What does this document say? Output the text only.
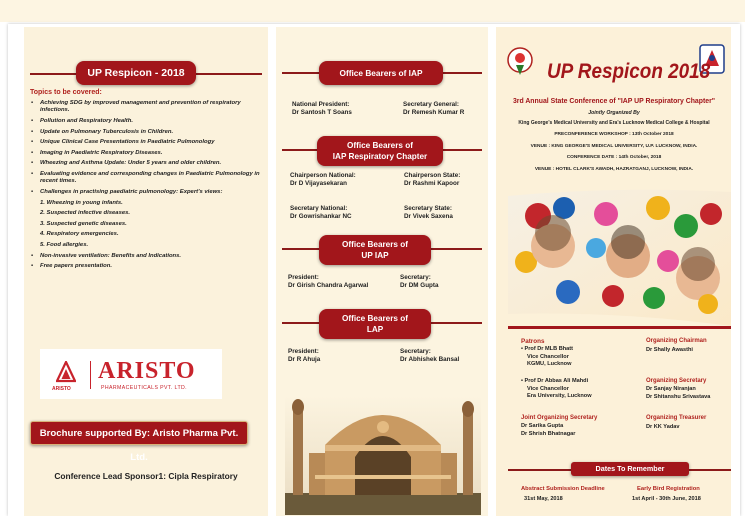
UP Respicon - 2018
Topics to be covered:
• Achieving SDG by improved management and prevention of respiratory infections.
• Pollution and Respiratory Health.
• Update on Pulmonary Tuberculosis in Children.
• Unique Clinical Case Presentations in Paediatric Pulmonology
• Imaging in Paediatric Respiratory Diseases.
• Wheezing and Asthma Update: Under 5 years and older children.
• Evaluating evidence and corresponding changes in Paediatric Pulmonology in recent times.
• Challenges in practising paediatric pulmonology: Expert's views:
1. Wheezing in young infants.
2. Suspected infective diseases.
3. Suspected genetic diseases.
4. Respiratory emergencies.
5. Food allergies.
• Non-invasive ventilation: Benefits and Indications.
• Free papers presentation.
ARISTO
ARISTO
PHARMACEUTICALS PVT. LTD.
Brochure supported By: Aristo Pharma Pvt. Ltd.
Conference Lead Sponsor1: Cipla Respiratory
Office Bearers of IAP
National President:
Dr Santosh T Soans
Secretary General:
Dr Remesh Kumar R
Office Bearers of
IAP Respiratory Chapter
Chairperson National:
Dr D Vijayasekaran
Chairperson State:
Dr Rashmi Kapoor
Secretary National:
Dr Gowrishankar NC
Secretary State:
Dr Vivek Saxena
Office Bearers of
UP IAP
President:
Dr Girish Chandra Agarwal
Secretary:
Dr DM Gupta
Office Bearers of
LAP
President:
Dr R Ahuja
Secretary:
Dr Abhishek Bansal
UP Respicon 2018
3rd Annual State Conference of "IAP UP Respiratory Chapter"
Jointly Organized By
King George's Medical University and Era's Lucknow Medical College & Hospital
PRECONFERENCE WORKSHOP : 13th October 2018
VENUE : KING GEORGE'S MEDICAL UNIVERSITY, U.P. LUCKNOW, INDIA.
CONFERENCE DATE : 14th October, 2018
VENUE : HOTEL CLARK'S AWADH, HAZRATGANJ, LUCKNOW, INDIA.
Patrons
• Prof Dr MLB Bhatt
Vice Chancellor
KGMU, Lucknow
• Prof Dr Abbas Ali Mahdi
Vice Chancellor
Era University, Lucknow
Organizing Chairman
Dr Shally Awasthi
Organizing Secretary
Dr Sanjay Niranjan
Dr Shitanshu Srivastava
Joint Organizing Secretary
Dr Sarika Gupta
Dr Shrish Bhatnagar
Organizing Treasurer
Dr KK Yadav
Dates To Remember
Abstract Submission Deadline
31st May, 2018
Early Bird Registration
1st April - 30th June, 2018
